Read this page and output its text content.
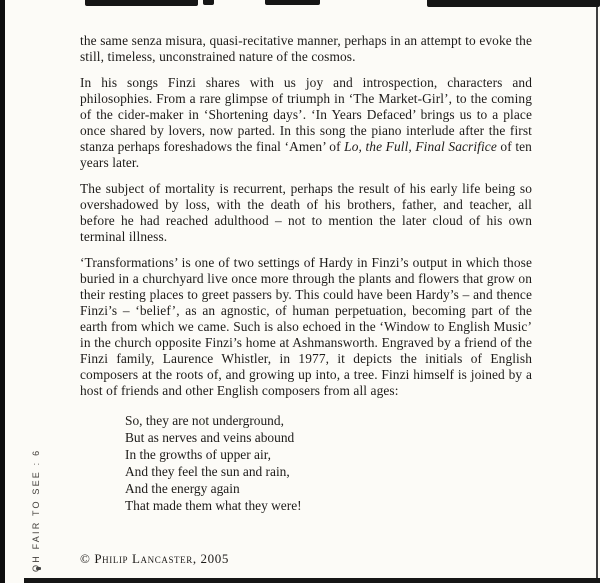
OH FAIR TO SEE : 6

the same senza misura, quasi-recitative manner, perhaps in an attempt to evoke the still, timeless, unconstrained nature of the cosmos.

In his songs Finzi shares with us joy and introspection, characters and philosophies. From a rare glimpse of triumph in ‘The Market-Girl’, to the coming of the cider-maker in ‘Shortening days’. ‘In Years Defaced’ brings us to a place once shared by lovers, now parted. In this song the piano interlude after the first stanza perhaps foreshadows the final ‘Amen’ of Lo, the Full, Final Sacrifice of ten years later.

The subject of mortality is recurrent, perhaps the result of his early life being so overshadowed by loss, with the death of his brothers, father, and teacher, all before he had reached adulthood – not to mention the later cloud of his own terminal illness.

‘Transformations’ is one of two settings of Hardy in Finzi’s output in which those buried in a churchyard live once more through the plants and flowers that grow on their resting places to greet passers by. This could have been Hardy’s – and thence Finzi’s – ‘belief’, as an agnostic, of human perpetuation, becoming part of the earth from which we came. Such is also echoed in the ‘Window to English Music’ in the church opposite Finzi’s home at Ashmansworth. Engraved by a friend of the Finzi family, Laurence Whistler, in 1977, it depicts the initials of English composers at the roots of, and growing up into, a tree. Finzi himself is joined by a host of friends and other English composers from all ages:

So, they are not underground,
But as nerves and veins abound
In the growths of upper air,
And they feel the sun and rain,
And the energy again
That made them what they were!
© Philip Lancaster, 2005
